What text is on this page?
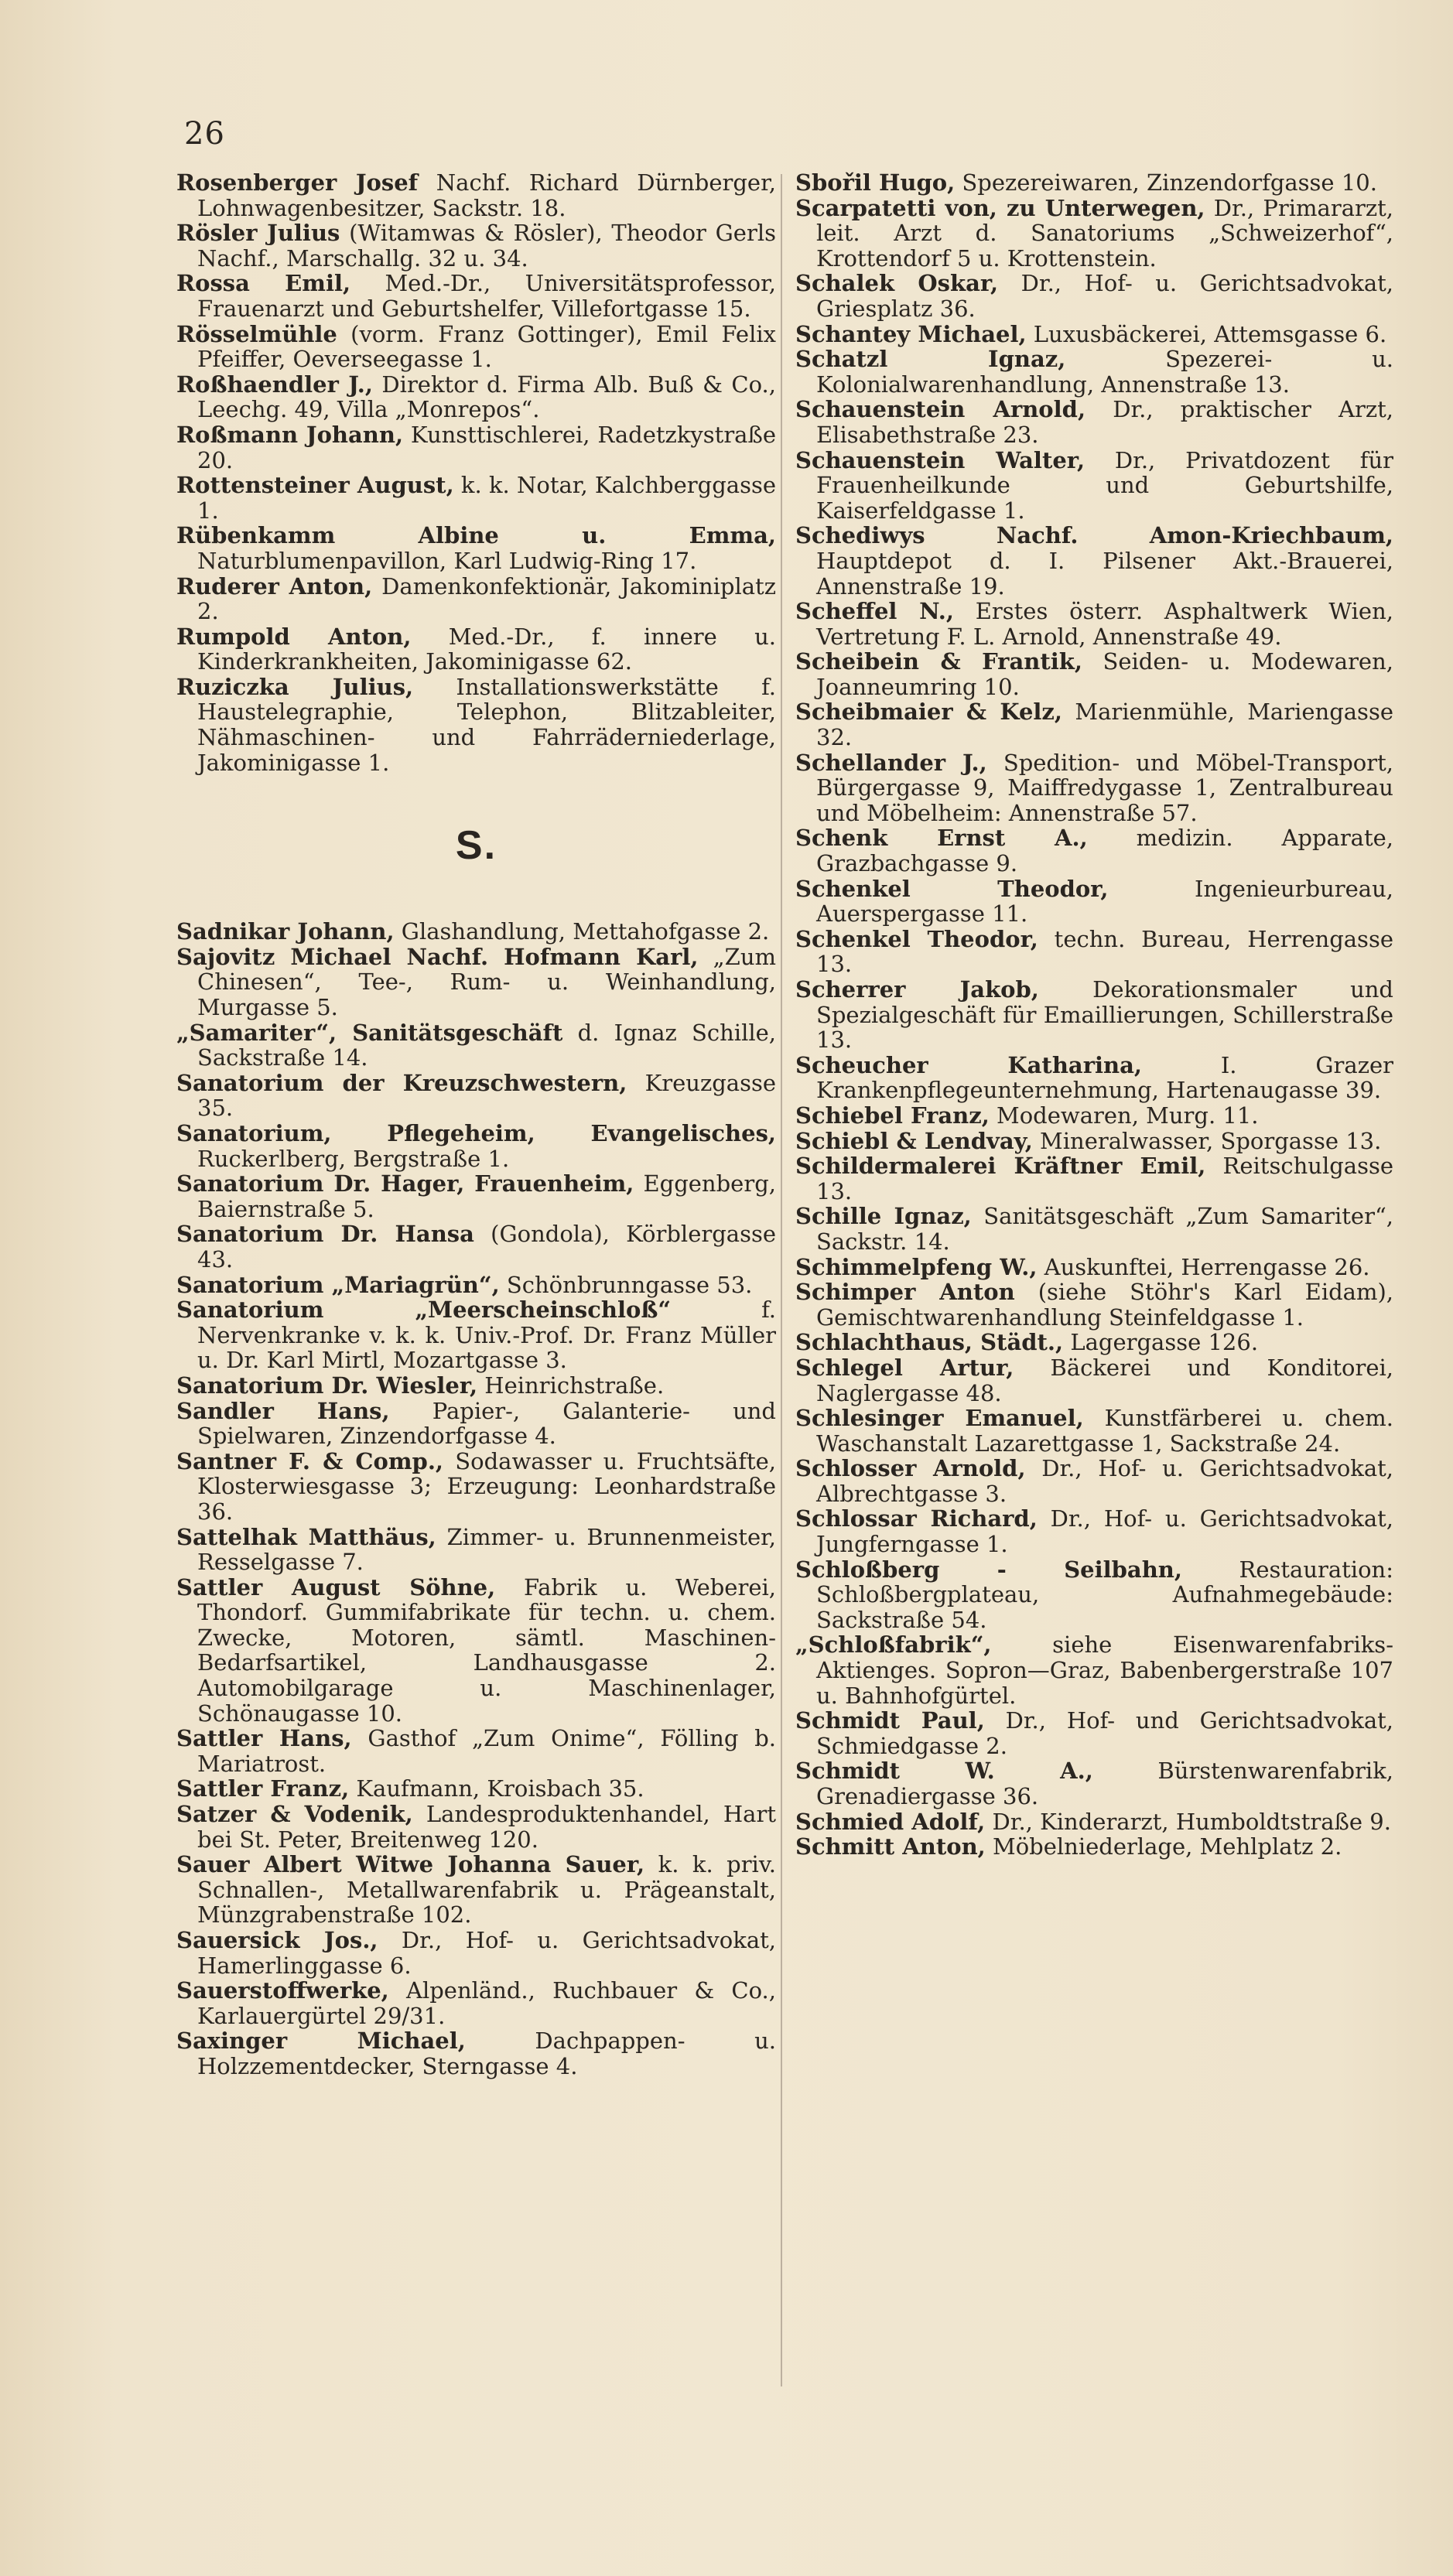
26

Rosenberger Josef Nachf. Richard Dürnberger, Lohnwagenbesitzer, Sackstr. 18.

Rösler Julius (Witamwas & Rösler), Theodor Gerls Nachf., Marschallg. 32 u. 34.

Rossa Emil, Med.-Dr., Universitätsprofessor, Frauenarzt und Geburtshelfer, Villefortgasse 15.

Rösselmühle (vorm. Franz Gottinger), Emil Felix Pfeiffer, Oeverseegasse 1.

Roßhaendler J., Direktor d. Firma Alb. Buß & Co., Leechg. 49, Villa „Monrepos“.

Roßmann Johann, Kunsttischlerei, Radetzkystraße 20.

Rottensteiner August, k. k. Notar, Kalchberggasse 1.

Rübenkamm Albine u. Emma, Naturblumenpavillon, Karl Ludwig-Ring 17.

Ruderer Anton, Damenkonfektionär, Jakominiplatz 2.

Rumpold Anton, Med.-Dr., f. innere u. Kinderkrankheiten, Jakominigasse 62.

Ruziczka Julius, Installationswerkstätte f. Haustelegraphie, Telephon, Blitzableiter, Nähmaschinen- und Fahrräderniederlage, Jakominigasse 1.

S.

Sadnikar Johann, Glashandlung, Mettahofgasse 2.

Sajovitz Michael Nachf. Hofmann Karl, „Zum Chinesen“, Tee-, Rum- u. Weinhandlung, Murgasse 5.

„Samariter“, Sanitätsgeschäft d. Ignaz Schille, Sackstraße 14.

Sanatorium der Kreuzschwestern, Kreuzgasse 35.

Sanatorium, Pflegeheim, Evangelisches, Ruckerlberg, Bergstraße 1.

Sanatorium Dr. Hager, Frauenheim, Eggenberg, Baiernstraße 5.

Sanatorium Dr. Hansa (Gondola), Körblergasse 43.

Sanatorium „Mariagrün“, Schönbrunngasse 53.

Sanatorium „Meerscheinschloß“ f. Nervenkranke v. k. k. Univ.-Prof. Dr. Franz Müller u. Dr. Karl Mirtl, Mozartgasse 3.

Sanatorium Dr. Wiesler, Heinrichstraße.

Sandler Hans, Papier-, Galanterie- und Spielwaren, Zinzendorfgasse 4.

Santner F. & Comp., Sodawasser u. Fruchtsäfte, Klosterwiesgasse 3; Erzeugung: Leonhardstraße 36.

Sattelhak Matthäus, Zimmer- u. Brunnenmeister, Resselgasse 7.

Sattler August Söhne, Fabrik u. Weberei, Thondorf. Gummifabrikate für techn. u. chem. Zwecke, Motoren, sämtl. Maschinen-Bedarfsartikel, Landhausgasse 2. Automobilgarage u. Maschinenlager, Schönaugasse 10.

Sattler Hans, Gasthof „Zum Onime“, Fölling b. Mariatrost.

Sattler Franz, Kaufmann, Kroisbach 35.

Satzer & Vodenik, Landesproduktenhandel, Hart bei St. Peter, Breitenweg 120.

Sauer Albert Witwe Johanna Sauer, k. k. priv. Schnallen-, Metallwarenfabrik u. Prägeanstalt, Münzgrabenstraße 102.

Sauersick Jos., Dr., Hof- u. Gerichtsadvokat, Hamerlinggasse 6.

Sauerstoffwerke, Alpenländ., Ruchbauer & Co., Karlauergürtel 29/31.

Saxinger Michael, Dachpappen- u. Holzzementdecker, Sterngasse 4.

Sbořil Hugo, Spezereiwaren, Zinzendorfgasse 10.

Scarpatetti von, zu Unterwegen, Dr., Primararzt, leit. Arzt d. Sanatoriums „Schweizerhof“, Krottendorf 5 u. Krottenstein.

Schalek Oskar, Dr., Hof- u. Gerichtsadvokat, Griesplatz 36.

Schantey Michael, Luxusbäckerei, Attemsgasse 6.

Schatzl Ignaz, Spezerei- u. Kolonialwarenhandlung, Annenstraße 13.

Schauenstein Arnold, Dr., praktischer Arzt, Elisabethstraße 23.

Schauenstein Walter, Dr., Privatdozent für Frauenheilkunde und Geburtshilfe, Kaiserfeldgasse 1.

Schediwys Nachf. Amon-Kriechbaum, Hauptdepot d. I. Pilsener Akt.-Brauerei, Annenstraße 19.

Scheffel N., Erstes österr. Asphaltwerk Wien, Vertretung F. L. Arnold, Annenstraße 49.

Scheibein & Frantik, Seiden- u. Modewaren, Joanneumring 10.

Scheibmaier & Kelz, Marienmühle, Mariengasse 32.

Schellander J., Spedition- und Möbel-Transport, Bürgergasse 9, Maiffredygasse 1, Zentralbureau und Möbelheim: Annenstraße 57.

Schenk Ernst A., medizin. Apparate, Grazbachgasse 9.

Schenkel Theodor, Ingenieurbureau, Auerspergasse 11.

Schenkel Theodor, techn. Bureau, Herrengasse 13.

Scherrer Jakob, Dekorationsmaler und Spezialgeschäft für Emaillierungen, Schillerstraße 13.

Scheucher Katharina, I. Grazer Krankenpflegeunternehmung, Hartenaugasse 39.

Schiebel Franz, Modewaren, Murg. 11.

Schiebl & Lendvay, Mineralwasser, Sporgasse 13.

Schildermalerei Kräftner Emil, Reitschulgasse 13.

Schille Ignaz, Sanitätsgeschäft „Zum Samariter“, Sackstr. 14.

Schimmelpfeng W., Auskunftei, Herrengasse 26.

Schimper Anton (siehe Stöhr's Karl Eidam), Gemischtwarenhandlung Steinfeldgasse 1.

Schlachthaus, Städt., Lagergasse 126.

Schlegel Artur, Bäckerei und Konditorei, Naglergasse 48.

Schlesinger Emanuel, Kunstfärberei u. chem. Waschanstalt Lazarettgasse 1, Sackstraße 24.

Schlosser Arnold, Dr., Hof- u. Gerichtsadvokat, Albrechtgasse 3.

Schlossar Richard, Dr., Hof- u. Gerichtsadvokat, Jungferngasse 1.

Schloßberg - Seilbahn, Restauration: Schloßbergplateau, Aufnahmegebäude: Sackstraße 54.

„Schloßfabrik“, siehe Eisenwarenfabriks-Aktienges. Sopron—Graz, Babenbergerstraße 107 u. Bahnhofgürtel.

Schmidt Paul, Dr., Hof- und Gerichtsadvokat, Schmiedgasse 2.

Schmidt W. A., Bürstenwarenfabrik, Grenadiergasse 36.

Schmied Adolf, Dr., Kinderarzt, Humboldtstraße 9.

Schmitt Anton, Möbelniederlage, Mehlplatz 2.
